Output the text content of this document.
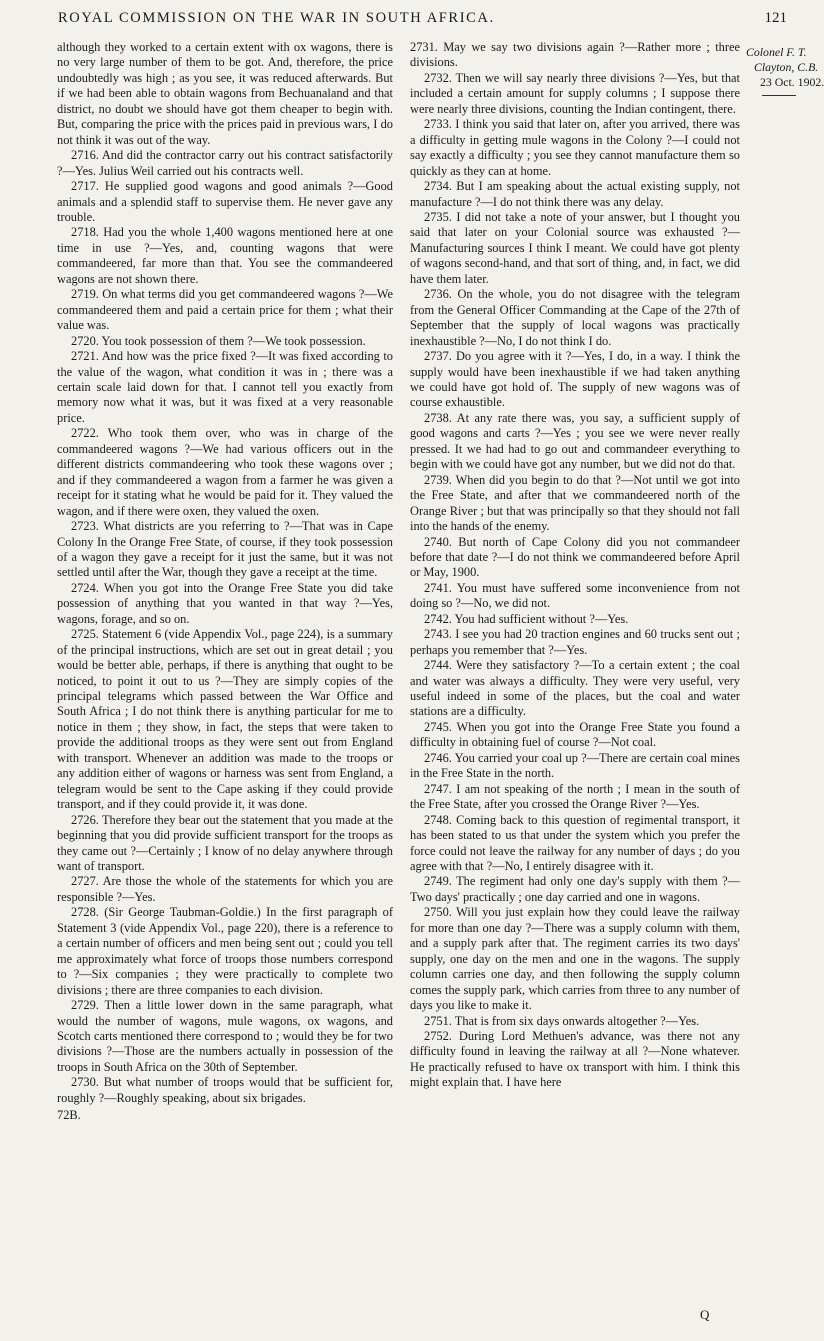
ROYAL COMMISSION ON THE WAR IN SOUTH AFRICA.	121

although they worked to a certain extent with ox wagons, there is no very large number of them to be got. And, therefore, the price undoubtedly was high ; as you see, it was reduced afterwards. But if we had been able to obtain wagons from Bechuanaland and that district, no doubt we should have got them cheaper to begin with. But, comparing the price with the prices paid in previous wars, I do not think it was out of the way.

2716. And did the contractor carry out his contract satisfactorily ?—Yes. Julius Weil carried out his contracts well.

2717. He supplied good wagons and good animals ?—Good animals and a splendid staff to supervise them. He never gave any trouble.

2718. Had you the whole 1,400 wagons mentioned here at one time in use ?—Yes, and, counting wagons that were commandeered, far more than that. You see the commandeered wagons are not shown there.

2719. On what terms did you get commandeered wagons ?—We commandeered them and paid a certain price for them ; what their value was.

2720. You took possession of them ?—We took possession.

2721. And how was the price fixed ?—It was fixed according to the value of the wagon, what condition it was in ; there was a certain scale laid down for that. I cannot tell you exactly from memory now what it was, but it was fixed at a very reasonable price.

2722. Who took them over, who was in charge of the commandeered wagons ?—We had various officers out in the different districts commandeering who took these wagons over ; and if they commandeered a wagon from a farmer he was given a receipt for it stating what he would be paid for it. They valued the wagon, and if there were oxen, they valued the oxen.

2723. What districts are you referring to ?—That was in Cape Colony In the Orange Free State, of course, if they took possession of a wagon they gave a receipt for it just the same, but it was not settled until after the War, though they gave a receipt at the time.

2724. When you got into the Orange Free State you did take possession of anything that you wanted in that way ?—Yes, wagons, forage, and so on.

2725. Statement 6 (vide Appendix Vol., page 224), is a summary of the principal instructions, which are set out in great detail ; you would be better able, perhaps, if there is anything that ought to be noticed, to point it out to us ?—They are simply copies of the principal telegrams which passed between the War Office and South Africa ; I do not think there is anything particular for me to notice in them ; they show, in fact, the steps that were taken to provide the additional troops as they were sent out from England with transport. Whenever an addition was made to the troops or any addition either of wagons or harness was sent from England, a telegram would be sent to the Cape asking if they could provide transport, and if they could provide it, it was done.

2726. Therefore they bear out the statement that you made at the beginning that you did provide sufficient transport for the troops as they came out ?—Certainly ; I know of no delay anywhere through want of transport.

2727. Are those the whole of the statements for which you are responsible ?—Yes.

2728. (Sir George Taubman-Goldie.) In the first paragraph of Statement 3 (vide Appendix Vol., page 220), there is a reference to a certain number of officers and men being sent out ; could you tell me approximately what force of troops those numbers correspond to ?—Six companies ; they were practically to complete two divisions ; there are three companies to each division.

2729. Then a little lower down in the same paragraph, what would the number of wagons, mule wagons, ox wagons, and Scotch carts mentioned there correspond to ; would they be for two divisions ?—Those are the numbers actually in possession of the troops in South Africa on the 30th of September.

2730. But what number of troops would that be sufficient for, roughly ?—Roughly speaking, about six brigades.

72B.

2731. May we say two divisions again ?—Rather more ; three divisions.

2732. Then we will say nearly three divisions ?—Yes, but that included a certain amount for supply columns ; I suppose there were nearly three divisions, counting the Indian contingent, there.

2733. I think you said that later on, after you arrived, there was a difficulty in getting mule wagons in the Colony ?—I could not say exactly a difficulty ; you see they cannot manufacture them so quickly as they can at home.

2734. But I am speaking about the actual existing supply, not manufacture ?—I do not think there was any delay.

2735. I did not take a note of your answer, but I thought you said that later on your Colonial source was exhausted ?—Manufacturing sources I think I meant. We could have got plenty of wagons second-hand, and that sort of thing, and, in fact, we did have them later.

2736. On the whole, you do not disagree with the telegram from the General Officer Commanding at the Cape of the 27th of September that the supply of local wagons was practically inexhaustible ?—No, I do not think I do.

2737. Do you agree with it ?—Yes, I do, in a way. I think the supply would have been inexhaustible if we had taken anything we could have got hold of. The supply of new wagons was of course exhaustible.

2738. At any rate there was, you say, a sufficient supply of good wagons and carts ?—Yes ; you see we were never really pressed. It we had had to go out and commandeer everything to begin with we could have got any number, but we did not do that.

2739. When did you begin to do that ?—Not until we got into the Free State, and after that we commandeered north of the Orange River ; but that was principally so that they should not fall into the hands of the enemy.

2740. But north of Cape Colony did you not commandeer before that date ?—I do not think we commandeered before April or May, 1900.

2741. You must have suffered some inconvenience from not doing so ?—No, we did not.

2742. You had sufficient without ?—Yes.

2743. I see you had 20 traction engines and 60 trucks sent out ; perhaps you remember that ?—Yes.

2744. Were they satisfactory ?—To a certain extent ; the coal and water was always a difficulty. They were very useful, very useful indeed in some of the places, but the coal and water stations are a difficulty.

2745. When you got into the Orange Free State you found a difficulty in obtaining fuel of course ?—Not coal.

2746. You carried your coal up ?—There are certain coal mines in the Free State in the north.

2747. I am not speaking of the north ; I mean in the south of the Free State, after you crossed the Orange River ?—Yes.

2748. Coming back to this question of regimental transport, it has been stated to us that under the system which you prefer the force could not leave the railway for any number of days ; do you agree with that ?—No, I entirely disagree with it.

2749. The regiment had only one day's supply with them ?—Two days' practically ; one day carried and one in wagons.

2750. Will you just explain how they could leave the railway for more than one day ?—There was a supply column with them, and a supply park after that. The regiment carries its two days' supply, one day on the men and one in the wagons. The supply column carries one day, and then following the supply column comes the supply park, which carries from three to any number of days you like to make it.

2751. That is from six days onwards altogether ?—Yes.

2752. During Lord Methuen's advance, was there not any difficulty found in leaving the railway at all ?—None whatever. He practically refused to have ox transport with him. I think this might explain that. I have here

Colonel F. T.
Clayton, C.B.
23 Oct. 1902.
Q
